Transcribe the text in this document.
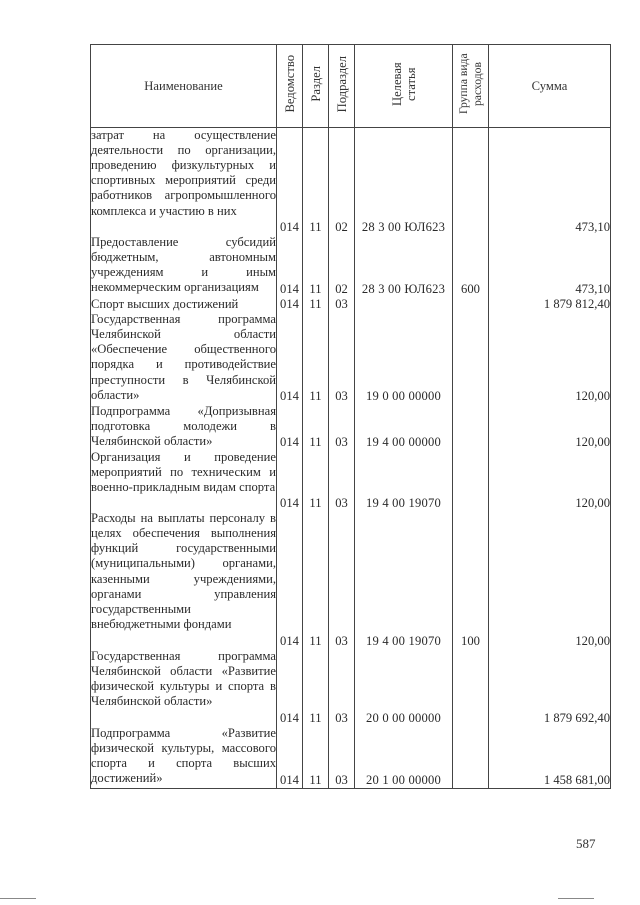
Наименование	Ведомство	Раздел	Подраздел	Целевая статья	Группа вида расходов	Сумма
затрат на осуществление деятельности по организации, проведению физкультурных и спортивных мероприятий среди работников агропромышленного комплекса и участию в них	014	11	02	28 3 00 ЮЛ623		473,10
Предоставление субсидий бюджетным, автономным учреждениям и иным некоммерческим организациям	014	11	02	28 3 00 ЮЛ623	600	473,10
Спорт высших достижений	014	11	03			1 879 812,40
Государственная программа Челябинской области «Обеспечение общественного порядка и противодействие преступности в Челябинской области»	014	11	03	19 0 00 00000		120,00
Подпрограмма «Допризывная подготовка молодежи в Челябинской области»	014	11	03	19 4 00 00000		120,00
Организация и проведение мероприятий по техническим и военно-прикладным видам спорта	014	11	03	19 4 00 19070		120,00
Расходы на выплаты персоналу в целях обеспечения выполнения функций государственными (муниципальными) органами, казенными учреждениями, органами управления государственными внебюджетными фондами	014	11	03	19 4 00 19070	100	120,00
Государственная программа Челябинской области «Развитие физической культуры и спорта в Челябинской области»	014	11	03	20 0 00 00000		1 879 692,40
Подпрограмма «Развитие физической культуры, массового спорта и спорта высших достижений»	014	11	03	20 1 00 00000		1 458 681,00
587
